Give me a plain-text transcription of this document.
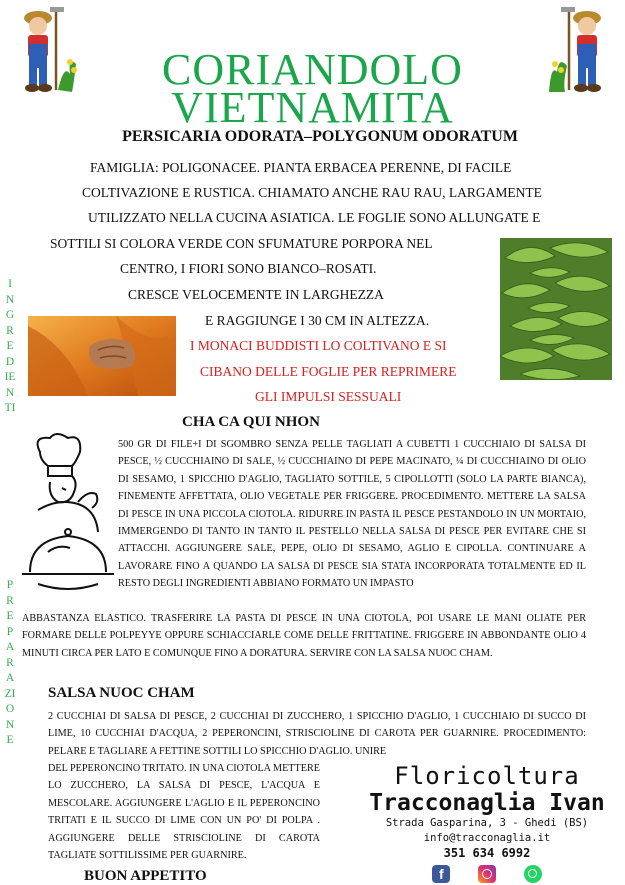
CORIANDOLO
VIETNAMITA
PERSICARIA ODORATA–POLYGONUM ODORATUM
FAMIGLIA: POLIGONACEE. PIANTA ERBACEA PERENNE, DI FACILE
COLTIVAZIONE E RUSTICA. CHIAMATO ANCHE RAU RAU, LARGAMENTE
UTILIZZATO NELLA CUCINA ASIATICA. LE FOGLIE SONO ALLUNGATE E
SOTTILI SI COLORA VERDE CON SFUMATURE PORPORA NEL
CENTRO, I FIORI SONO BIANCO–ROSATI.
CRESCE VELOCEMENTE IN LARGHEZZA
E RAGGIUNGE I 30 CM IN ALTEZZA.
I MONACI BUDDISTI LO COLTIVANO E SI
CIBANO DELLE FOGLIE PER REPRIMERE
GLI IMPULSI SESSUALI
INGREDIENTI
PREPARAZIONE
CHA CA QUI NHON
500 GR DI FILE+I DI SGOMBRO SENZA PELLE TAGLIATI A CUBETTI 1 CUCCHIAIO DI SALSA DI PESCE, ½ CUCCHIAINO DI SALE, ½ CUCCHIAINO DI PEPE MACINATO, ¼ DI CUCCHIAINO DI OLIO DI SESAMO, 1 SPICCHIO D'AGLIO, TAGLIATO SOTTILE, 5 CIPOLLOTTI (SOLO LA PARTE BIANCA), FINEMENTE AFFETTATA, OLIO VEGETALE PER FRIGGERE. PROCEDIMENTO. METTERE LA SALSA DI PESCE IN UNA PICCOLA CIOTOLA. RIDURRE IN PASTA IL PESCE PESTANDOLO IN UN MORTAIO, IMMERGENDO DI TANTO IN TANTO IL PESTELLO NELLA SALSA DI PESCE PER EVITARE CHE SI ATTACCHI. AGGIUNGERE SALE, PEPE, OLIO DI SESAMO, AGLIO E CIPOLLA. CONTINUARE A LAVORARE FINO A QUANDO LA SALSA DI PESCE SIA STATA INCORPORATA TOTALMENTE ED IL RESTO DEGLI INGREDIENTI ABBIANO FORMATO UN IMPASTO
ABBASTANZA ELASTICO. TRASFERIRE LA PASTA DI PESCE IN UNA CIOTOLA, POI USARE LE MANI OLIATE PER FORMARE DELLE POLPEYYE OPPURE SCHIACCIARLE COME DELLE FRITTATINE. FRIGGERE IN ABBONDANTE OLIO 4 MINUTI CIRCA PER LATO E COMUNQUE FINO A DORATURA. SERVIRE CON LA SALSA NUOC CHAM.
SALSA NUOC CHAM
2 CUCCHIAI DI SALSA DI PESCE, 2 CUCCHIAI DI ZUCCHERO, 1 SPICCHIO D'AGLIO, 1 CUCCHIAIO DI SUCCO DI LIME, 10 CUCCHIAI D'ACQUA, 2 PEPERONCINI, STRISCIOLINE DI CAROTA PER GUARNIRE. PROCEDIMENTO: PELARE E TAGLIARE A FETTINE SOTTILI LO SPICCHIO D'AGLIO. UNIRE
DEL PEPERONCINO TRITATO. IN UNA CIOTOLA METTERE LO ZUCCHERO, LA SALSA DI PESCE, L'ACQUA E MESCOLARE. AGGIUNGERE L'AGLIO E IL PEPERONCINO TRITATI E IL SUCCO DI LIME CON UN PO' DI POLPA . AGGIUNGERE DELLE STRISCIOLINE DI CAROTA TAGLIATE SOTTILISSIME PER GUARNIRE.
BUON APPETITO
Floricoltura
Tracconaglia Ivan
Strada Gasparina, 3 - Ghedi (BS)
info@tracconaglia.it
351 634 6992
f
